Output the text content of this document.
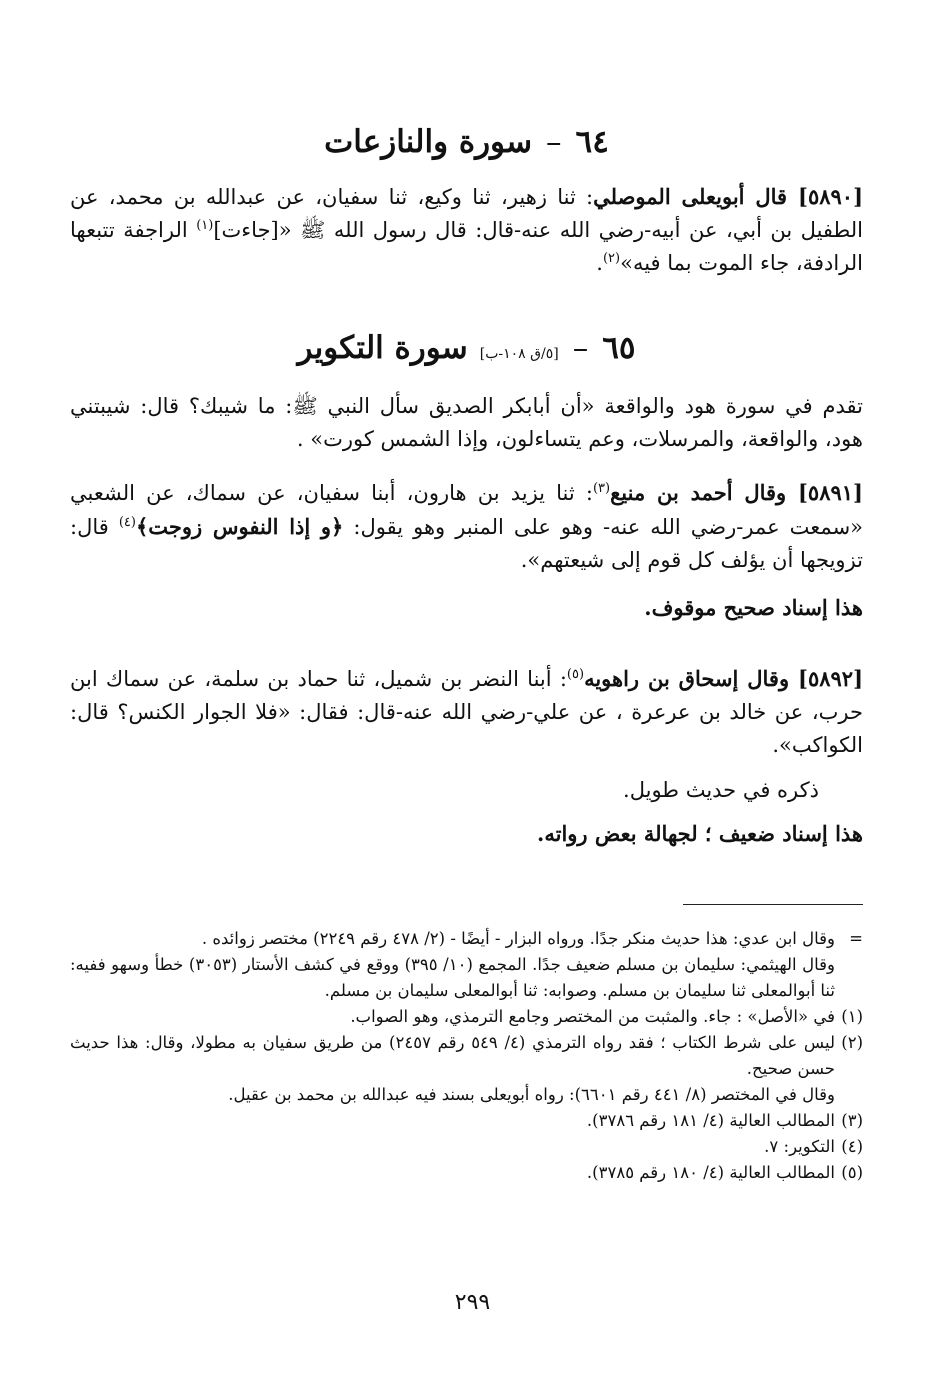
٦٤–سورة والنازعات

[٥٨٩٠] قال أبويعلى الموصلي: ثنا زهير، ثنا وكيع، ثنا سفيان، عن عبدالله بن محمد، عن الطفيل بن أبي، عن أبيه-رضي الله عنه-قال: قال رسول الله ﷺ «[جاءت]$^{(١)}$ الراجفة تتبعها الرادفة، جاء الموت بما فيه»$^{(٢)}$.

٦٥–[٥/ق ١٠٨-ب]سورة التكوير

تقدم في سورة هود والواقعة «أن أبابكر الصديق سأل النبي ﷺ: ما شيبك؟ قال: شيبتني هود، والواقعة، والمرسلات، وعم يتساءلون، وإذا الشمس كورت» .

[٥٨٩١] وقال أحمد بن منيع$^{(٣)}$: ثنا يزيد بن هارون، أبنا سفيان، عن سماك، عن الشعبي «سمعت عمر-رضي الله عنه- وهو على المنبر وهو يقول: ﴿و إذا النفوس زوجت﴾$^{(٤)}$ قال: تزويجها أن يؤلف كل قوم إلى شيعتهم».

هذا إسناد صحيح موقوف.

[٥٨٩٢] وقال إسحاق بن راهويه$^{(٥)}$: أبنا النضر بن شميل، ثنا حماد بن سلمة، عن سماك ابن حرب، عن خالد بن عرعرة ، عن علي-رضي الله عنه-قال: فقال: «فلا الجوار الكنس؟ قال: الكواكب».

ذكره في حديث طويل.

هذا إسناد ضعيف ؛ لجهالة بعض رواته.

=
وقال ابن عدي: هذا حديث منكر جدًا. ورواه البزار - أيضًا - (٢/ ٤٧٨ رقم ٢٢٤٩) مختصر زوائده .
وقال الهيثمي: سليمان بن مسلم ضعيف جدًا. المجمع (١٠/ ٣٩٥) ووقع في كشف الأستار (٣٠٥٣) خطأ وسهو ففيه: ثنا أبوالمعلى ثنا سليمان بن مسلم. وصوابه: ثنا أبوالمعلى سليمان بن مسلم.
(١)
في «الأصل» : جاء. والمثبت من المختصر وجامع الترمذي، وهو الصواب.
(٢)
ليس على شرط الكتاب ؛ فقد رواه الترمذي (٤/ ٥٤٩ رقم ٢٤٥٧) من طريق سفيان به مطولا، وقال: هذا حديث حسن صحيح.
وقال في المختصر (٨/ ٤٤١ رقم ٦٦٠١): رواه أبويعلى بسند فيه عبدالله بن محمد بن عقيل.
(٣)
المطالب العالية (٤/ ١٨١ رقم ٣٧٨٦).
(٤)
التكوير: ٧.
(٥)
المطالب العالية (٤/ ١٨٠ رقم ٣٧٨٥).
٢٩٩
